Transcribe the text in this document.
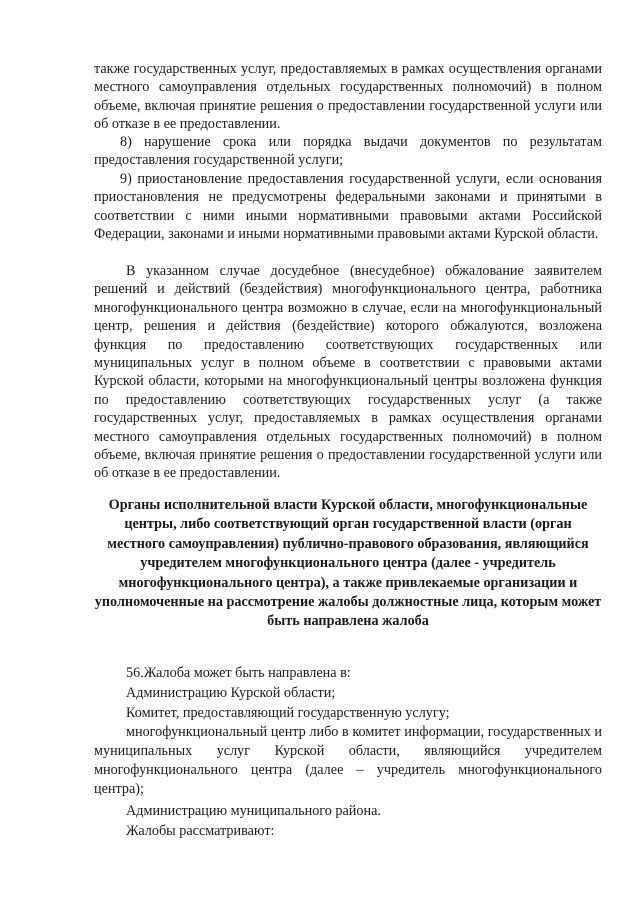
также государственных услуг, предоставляемых в рамках осуществления органами местного самоуправления отдельных государственных полномочий) в полном объеме, включая принятие решения о предоставлении государственной услуги или об отказе в ее предоставлении.
8) нарушение срока или порядка выдачи документов по результатам предоставления государственной услуги;
9) приостановление предоставления государственной услуги, если основания приостановления не предусмотрены федеральными законами и принятыми в соответствии с ними иными нормативными правовыми актами Российской Федерации, законами и иными нормативными правовыми актами Курской области.
В указанном случае досудебное (внесудебное) обжалование заявителем решений и действий (бездействия) многофункционального центра, работника многофункционального центра возможно в случае, если на многофункциональный центр, решения и действия (бездействие) которого обжалуются, возложена функция по предоставлению соответствующих государственных или муниципальных услуг в полном объеме в соответствии с правовыми актами Курской области, которыми на многофункциональный центры возложена функция по предоставлению соответствующих государственных услуг (а также государственных услуг, предоставляемых в рамках осуществления органами местного самоуправления отдельных государственных полномочий) в полном объеме, включая принятие решения о предоставлении государственной услуги или об отказе в ее предоставлении.
Органы исполнительной власти Курской области, многофункциональные центры, либо соответствующий орган государственной власти (орган местного самоуправления) публично-правового образования, являющийся учредителем многофункционального центра (далее - учредитель многофункционального центра), а также привлекаемые организации и уполномоченные на рассмотрение жалобы должностные лица, которым может быть направлена жалоба
56.Жалоба может быть направлена в:
Администрацию Курской области;
Комитет, предоставляющий государственную услугу;
многофункциональный центр либо в комитет информации, государственных и муниципальных услуг Курской области, являющийся учредителем многофункционального центра (далее – учредитель многофункционального центра);
Администрацию муниципального района.
Жалобы рассматривают:
